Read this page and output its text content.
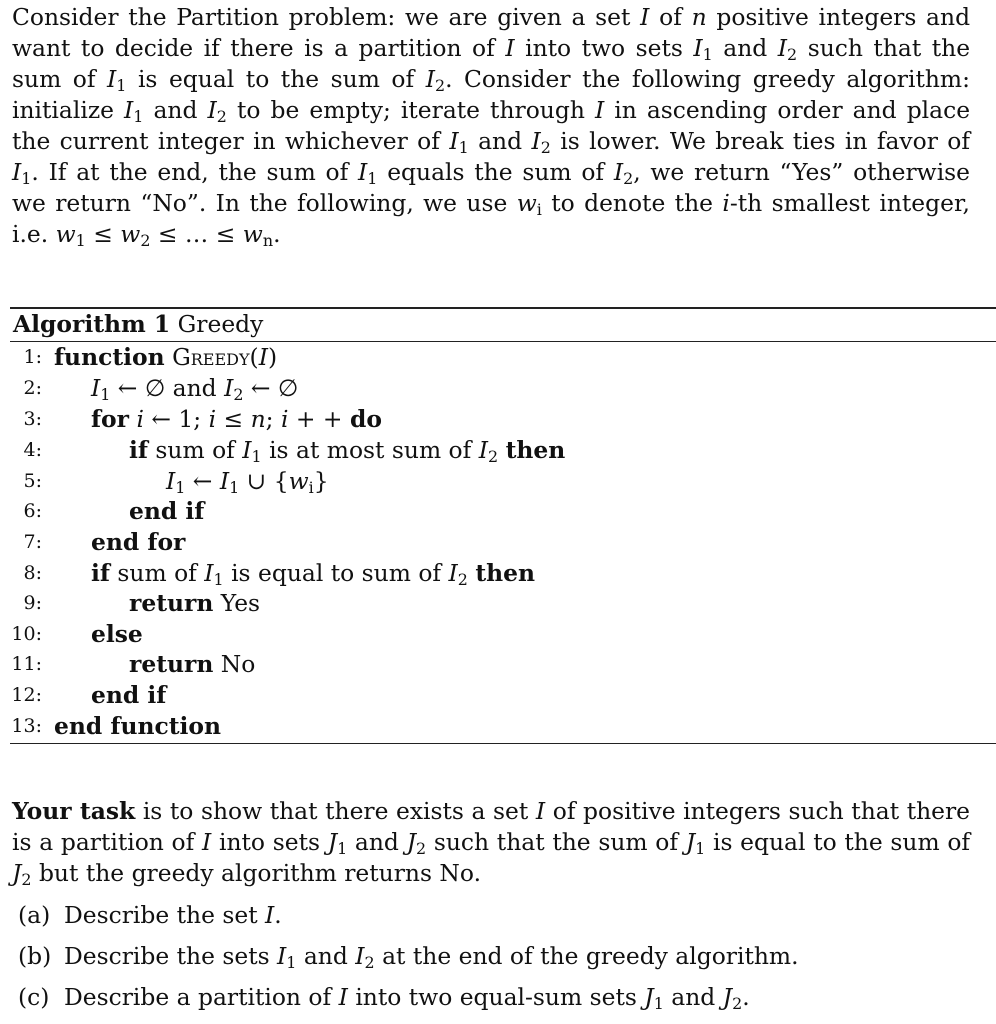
Consider the Partition problem: we are given a set I of n positive integers and want to decide if there is a partition of I into two sets $I_1$ and $I_2$ such that the sum of $I_1$ is equal to the sum of $I_2$. Consider the following greedy algorithm: initialize $I_1$ and $I_2$ to be empty; iterate through I in ascending order and place the current integer in whichever of $I_1$ and $I_2$ is lower. We break ties in favor of $I_1$. If at the end, the sum of $I_1$ equals the sum of $I_2$, we return “Yes” otherwise we return “No”. In the following, we use $w_i$ to denote the i-th smallest integer, i.e. $w_1 \le w_2$ ≤ … ≤ $w_n$.
Algorithm 1 Greedy
1: function Greedy(I)
2: $I_1$ ← ∅ and $I_2$ ← ∅
3: for i ← 1; i ≤ n; i + + do
4:	if sum of $I_1$ is at most sum of $I_2$ then
5:	$I_1$ ← $I_1$ ∪ $\{w_i\}$
6:	end if
7: end for
8: if sum of $I_1$ is equal to sum of $I_2$ then
9:	return Yes
10: else
11:	return No
12: end if
13: end function
Your task is to show that there exists a set I of positive integers such that there is a partition of I into sets $J_1$ and $J_2$ such that the sum of $J_1$ is equal to the sum of $J_2$ but the greedy algorithm returns No.
(a) Describe the set I.
(b) Describe the sets $I_1$ and $I_2$ at the end of the greedy algorithm.
(c) Describe a partition of I into two equal-sum sets $J_1$ and $J_2$.
